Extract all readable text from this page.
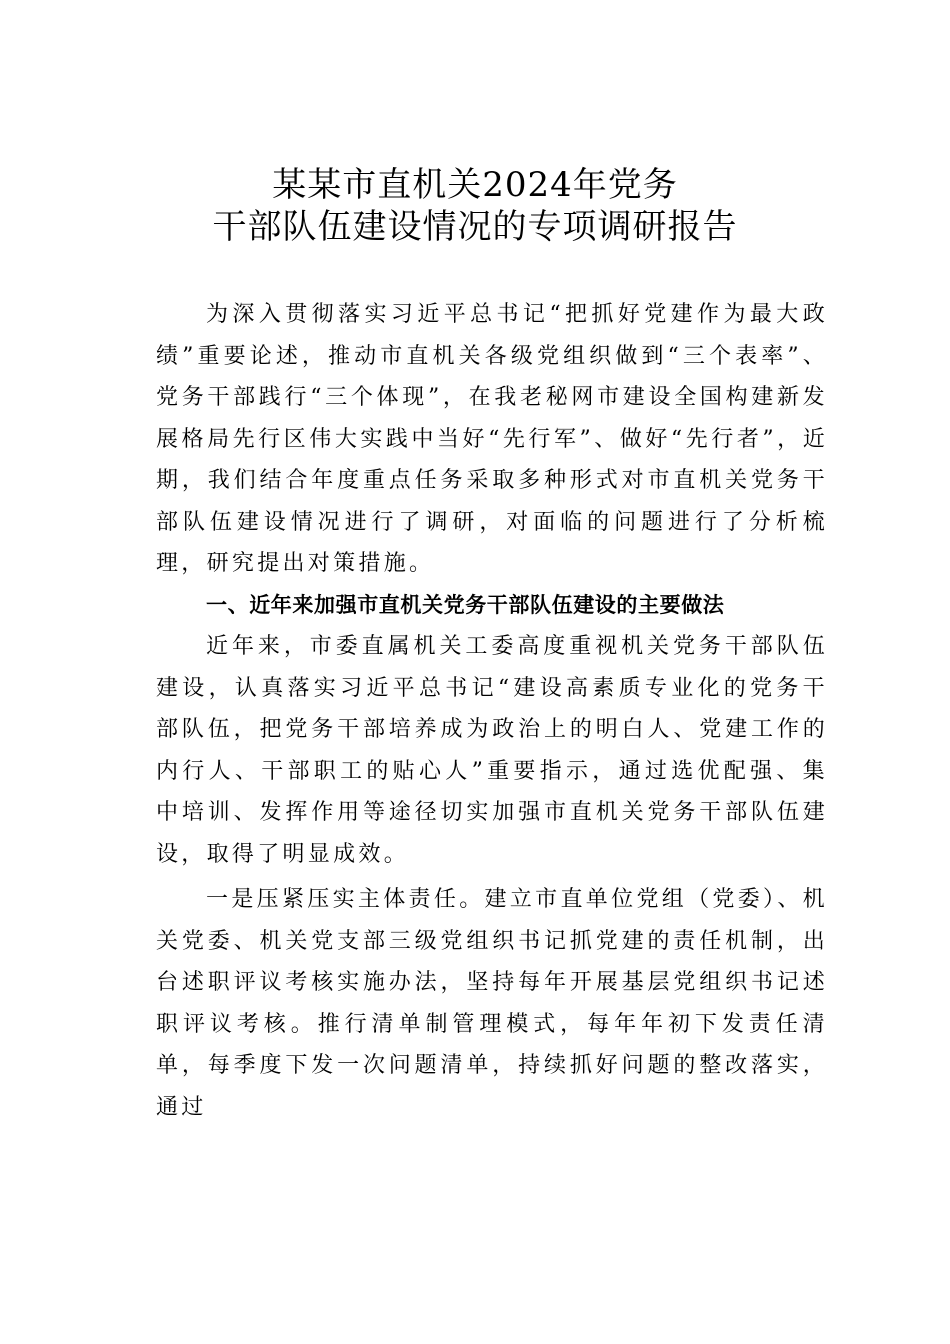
某某市直机关2024年党务
干部队伍建设情况的专项调研报告

为深入贯彻落实习近平总书记“把抓好党建作为最大政绩”重要论述，推动市直机关各级党组织做到“三个表率”、党务干部践行“三个体现”，在我老秘网市建设全国构建新发展格局先行区伟大实践中当好“先行军”、做好“先行者”，近期，我们结合年度重点任务采取多种形式对市直机关党务干部队伍建设情况进行了调研，对面临的问题进行了分析梳理，研究提出对策措施。

一、近年来加强市直机关党务干部队伍建设的主要做法

近年来，市委直属机关工委高度重视机关党务干部队伍建设，认真落实习近平总书记“建设高素质专业化的党务干部队伍，把党务干部培养成为政治上的明白人、党建工作的内行人、干部职工的贴心人”重要指示，通过选优配强、集中培训、发挥作用等途径切实加强市直机关党务干部队伍建设，取得了明显成效。

一是压紧压实主体责任。建立市直单位党组（党委）、机关党委、机关党支部三级党组织书记抓党建的责任机制，出台述职评议考核实施办法，坚持每年开展基层党组织书记述职评议考核。推行清单制管理模式，每年年初下发责任清单，每季度下发一次问题清单，持续抓好问题的整改落实，通过
